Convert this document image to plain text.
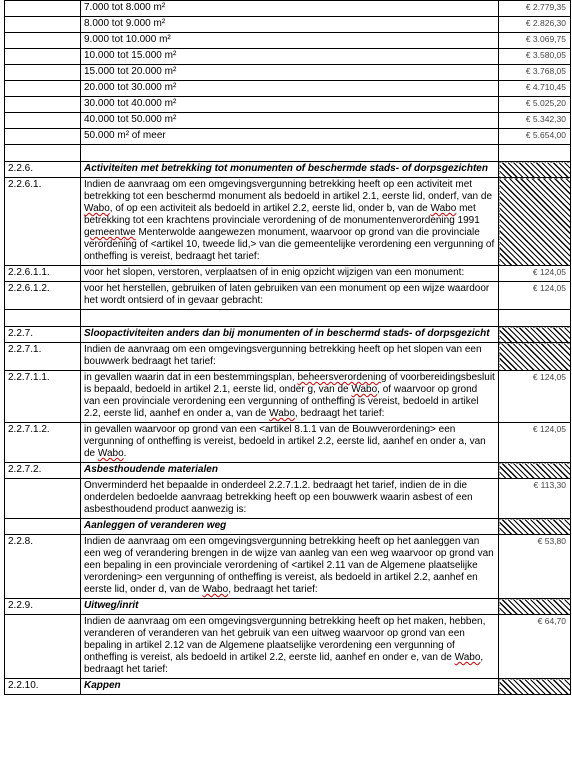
	7.000 tot 8.000 m²	€ 2.779,35
	8.000 tot 9.000 m²	€ 2.826,30
	9.000 tot 10.000 m²	€ 3.069,75
	10.000 tot 15.000 m²	€ 3.580,05
	15.000 tot 20.000 m²	€ 3.768,05
	20.000 tot 30.000 m²	€ 4.710,45
	30.000 tot 40.000 m²	€ 5.025,20
	40.000 tot 50.000 m²	€ 5.342,30
	50.000 m² of meer	€ 5.654,00

2.2.6.	Activiteiten met betrekking tot monumenten of beschermde stads- of dorpsgezichten	
2.2.6.1.	Indien de aanvraag om een omgevingsvergunning betrekking heeft op een activiteit met betrekking tot een beschermd monument als bedoeld in artikel 2.1, eerste lid, onderf, van de Wabo, of op een activiteit als bedoeld in artikel 2.2, eerste lid, onder b, van de Wabo met betrekking tot een krachtens provinciale verordening of de monumentenverordening 1991 gemeentwe Menterwolde aangewezen monument, waarvoor op grond van die provinciale verordening of <artikel 10, tweede lid,> van die gemeentelijke verordening een vergunning of ontheffing is vereist, bedraagt het tarief:	
2.2.6.1.1.	voor het slopen, verstoren, verplaatsen of in enig opzicht wijzigen van een monument:	€ 124,05
2.2.6.1.2.	voor het herstellen, gebruiken of laten gebruiken van een monument op een wijze waardoor het wordt ontsierd of in gevaar gebracht:	€ 124,05

2.2.7.	Sloopactiviteiten anders dan bij monumenten of in beschermd stads- of dorpsgezicht	
2.2.7.1.	Indien de aanvraag om een omgevingsvergunning betrekking heeft op het slopen van een bouwwerk bedraagt het tarief:	
2.2.7.1.1.	in gevallen waarin dat in een bestemmingsplan, beheersverordening of voorbereidingsbesluit is bepaald, bedoeld in artikel 2.1, eerste lid, onder g, van de Wabo, of waarvoor op grond van een provinciale verordening een vergunning of ontheffing is vereist, bedoeld in artikel 2.2, eerste lid, aanhef en onder a, van de Wabo, bedraagt het tarief:	€ 124,05
2.2.7.1.2.	in gevallen waarvoor op grond van een <artikel 8.1.1 van de Bouwverordening> een vergunning of ontheffing is vereist, bedoeld in artikel 2.2, eerste lid, aanhef en onder a, van de Wabo.	€ 124,05
2.2.7.2.	Asbesthoudende materialen	
	Onverminderd het bepaalde in onderdeel 2.2.7.1.2. bedraagt het tarief, indien de in die onderdelen bedoelde aanvraag betrekking heeft op een bouwwerk waarin asbest of een asbesthoudend product aanwezig is:	€ 113,30
	Aanleggen of veranderen weg	
2.2.8.	Indien de aanvraag om een omgevingsvergunning betrekking heeft op het aanleggen van een weg of verandering brengen in de wijze van aanleg van een weg waarvoor op grond van een bepaling in een provinciale verordening of <artikel 2.11 van de Algemene plaatselijke verordening> een vergunning of ontheffing is vereist, als bedoeld in artikel 2.2, aanhef en eerste lid, onder d, van de Wabo, bedraagt het tarief:	€ 53,80
2.2.9.	Uitweg/inrit	
	Indien de aanvraag om een omgevingsvergunning betrekking heeft op het maken, hebben, veranderen of veranderen van het gebruik van een uitweg waarvoor op grond van een bepaling in artikel 2.12 van de Algemene plaatselijke verordening een vergunning of ontheffing is vereist, als bedoeld in artikel 2.2, eerste lid, aanhef en onder e, van de Wabo, bedraagt het tarief:	€ 64,70
2.2.10.	Kappen	
